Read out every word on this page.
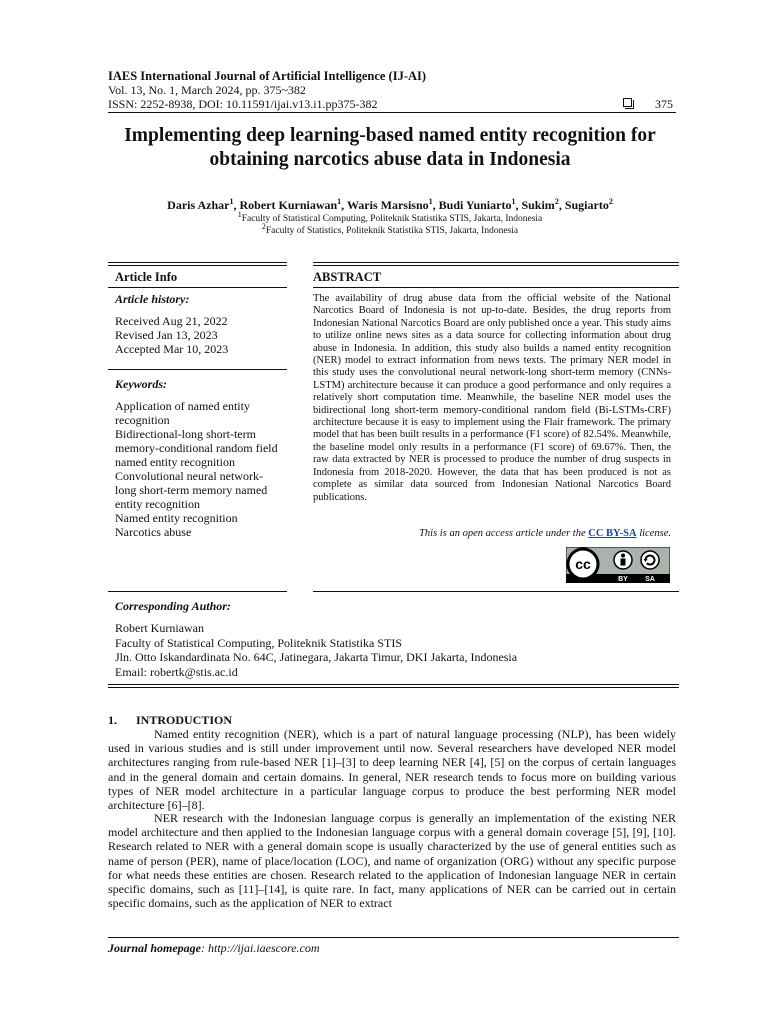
IAES International Journal of Artificial Intelligence (IJ-AI)
Vol. 13, No. 1, March 2024, pp. 375~382
ISSN: 2252-8938, DOI: 10.11591/ijai.v13.i1.pp375-382	375
Implementing deep learning-based named entity recognition for obtaining narcotics abuse data in Indonesia
Daris Azhar$^1$, Robert Kurniawan$^1$, Waris Marsisno$^1$, Budi Yuniarto$^1$, Sukim$^2$, Sugiarto$^2$
$^1$Faculty of Statistical Computing, Politeknik Statistika STIS, Jakarta, Indonesia
$^2$Faculty of Statistics, Politeknik Statistika STIS, Jakarta, Indonesia
Article Info
Article history:
Received Aug 21, 2022
Revised Jan 13, 2023
Accepted Mar 10, 2023
Keywords:
Application of named entity recognition
Bidirectional-long short-term memory-conditional random field named entity recognition
Convolutional neural network-long short-term memory named entity recognition
Named entity recognition
Narcotics abuse
ABSTRACT
The availability of drug abuse data from the official website of the National Narcotics Board of Indonesia is not up-to-date. Besides, the drug reports from Indonesian National Narcotics Board are only published once a year. This study aims to utilize online news sites as a data source for collecting information about drug abuse in Indonesia. In addition, this study also builds a named entity recognition (NER) model to extract information from news texts. The primary NER model in this study uses the convolutional neural network-long short-term memory (CNNs-LSTM) architecture because it can produce a good performance and only requires a relatively short computation time. Meanwhile, the baseline NER model uses the bidirectional long short-term memory-conditional random field (Bi-LSTMs-CRF) architecture because it is easy to implement using the Flair framework. The primary model that has been built results in a performance (F1 score) of 82.54%. Meanwhile, the baseline model only results in a performance (F1 score) of 69.67%. Then, the raw data extracted by NER is processed to produce the number of drug suspects in Indonesia from 2018-2020. However, the data that has been produced is not as complete as similar data sourced from Indonesian National Narcotics Board publications.
This is an open access article under the CC BY-SA license.
cc
BY SA
Corresponding Author:
Robert Kurniawan
Faculty of Statistical Computing, Politeknik Statistika STIS
Jln. Otto Iskandardinata No. 64C, Jatinegara, Jakarta Timur, DKI Jakarta, Indonesia
Email: robertk@stis.ac.id
1. INTRODUCTION
Named entity recognition (NER), which is a part of natural language processing (NLP), has been widely used in various studies and is still under improvement until now. Several researchers have developed NER model architectures ranging from rule-based NER [1]–[3] to deep learning NER [4], [5] on the corpus of certain languages and in the general domain and certain domains. In general, NER research tends to focus more on building various types of NER model architecture in a particular language corpus to produce the best performing NER model architecture [6]–[8].
NER research with the Indonesian language corpus is generally an implementation of the existing NER model architecture and then applied to the Indonesian language corpus with a general domain coverage [5], [9], [10]. Research related to NER with a general domain scope is usually characterized by the use of general entities such as name of person (PER), name of place/location (LOC), and name of organization (ORG) without any specific purpose for what needs these entities are chosen. Research related to the application of Indonesian language NER in certain specific domains, such as [11]–[14], is quite rare. In fact, many applications of NER can be carried out in certain specific domains, such as the application of NER to extract
Journal homepage: http://ijai.iaescore.com
